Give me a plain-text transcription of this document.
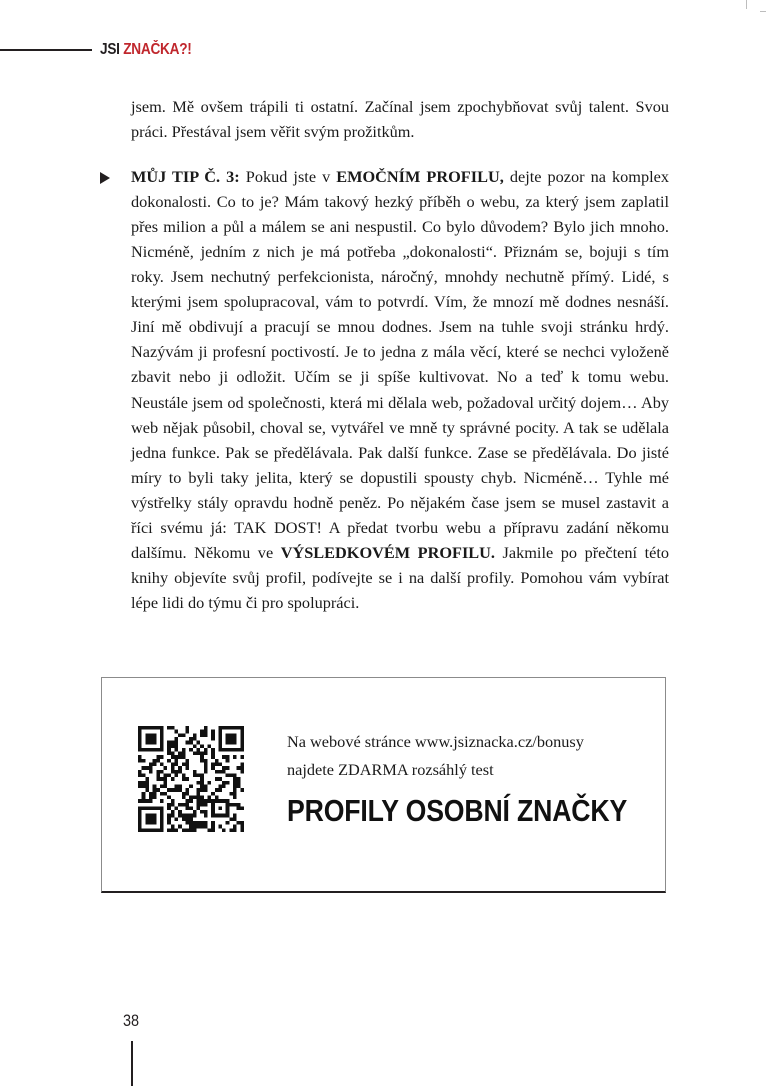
JSI ZNAČKA?!

jsem. Mě ovšem trápili ti ostatní. Začínal jsem zpochybňovat svůj talent. Svou práci. Přestával jsem věřit svým prožitkům.

MŮJ TIP Č. 3: Pokud jste v EMOČNÍM PROFILU, dejte pozor na komplex dokonalosti. Co to je? Mám takový hezký příběh o webu, za který jsem zaplatil přes milion a půl a málem se ani nespustil. Co bylo důvodem? Bylo jich mnoho. Nicméně, jedním z nich je má potřeba „dokonalosti“. Přiznám se, bojuji s tím roky. Jsem nechutný perfekcionista, náročný, mnohdy nechutně přímý. Lidé, s kterými jsem spolupracoval, vám to potvrdí. Vím, že mnozí mě dodnes nesnáší. Jiní mě obdivují a pracují se mnou dodnes. Jsem na tuhle svoji stránku hrdý. Nazývám ji profesní poctivostí. Je to jedna z mála věcí, které se nechci vyloženě zbavit nebo ji odložit. Učím se ji spíše kultivovat. No a teď k tomu webu. Neustále jsem od společnosti, která mi dělala web, požadoval určitý dojem… Aby web nějak působil, choval se, vytvářel ve mně ty správné pocity. A tak se udělala jedna funkce. Pak se předělávala. Pak další funkce. Zase se předělávala. Do jisté míry to byli taky jelita, který se dopustili spousty chyb. Nicméně… Tyhle mé výstřelky stály opravdu hodně peněz. Po nějakém čase jsem se musel zastavit a říci svému já: TAK DOST! A předat tvorbu webu a přípravu zadání někomu dalšímu. Někomu ve VÝSLEDKOVÉM PROFILU. Jakmile po přečtení této knihy objevíte svůj profil, podívejte se i na další profily. Pomohou vám vybírat lépe lidi do týmu či pro spolupráci.

Na webové stránce www.jsiznacka.cz/bonusy
najdete ZDARMA rozsáhlý test
PROFILY OSOBNÍ ZNAČKY
38
